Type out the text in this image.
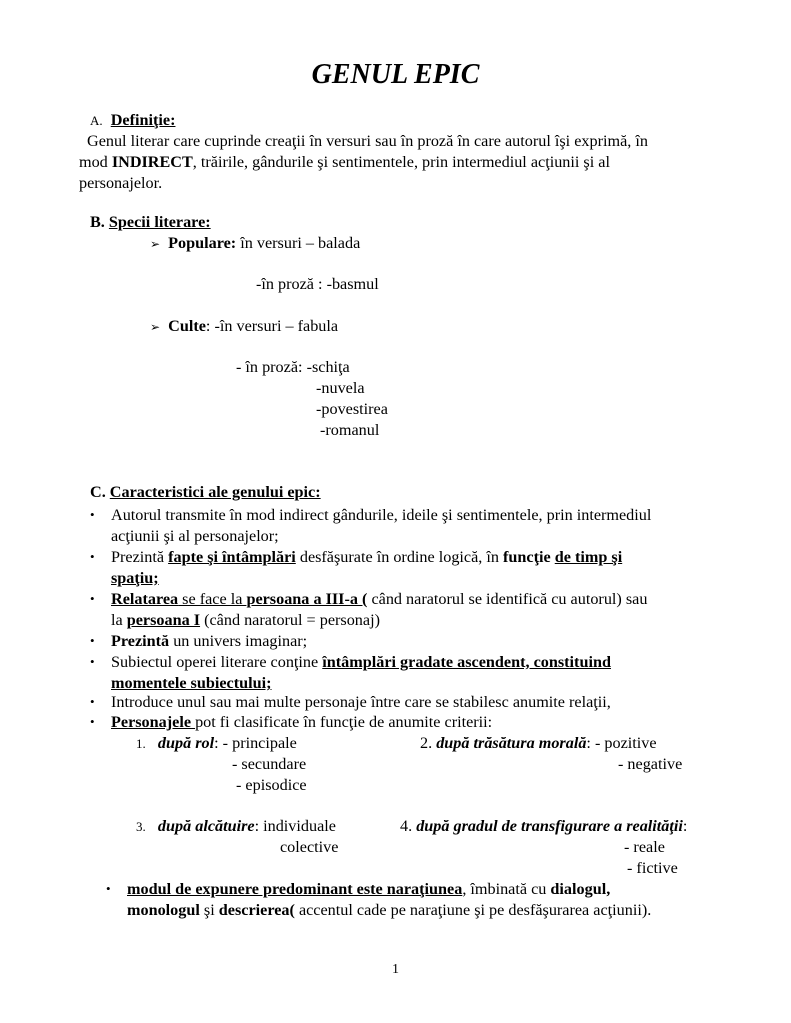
GENUL EPIC
A. Definiţie:
Genul literar care cuprinde creaţii în versuri sau în proză în care autorul îşi exprimă, în
mod INDIRECT, trăirile, gândurile şi sentimentele, prin intermediul acţiunii şi al
personajelor.
B. Specii literare:
➢ Populare: în versuri – balada
-în proză : -basmul
➢ Culte: -în versuri – fabula
- în proză: -schiţa
-nuvela
-povestirea
-romanul
C. Caracteristici ale genului epic:
• Autorul transmite în mod indirect gândurile, ideile şi sentimentele, prin intermediul
acţiunii şi al personajelor;
• Prezintă fapte şi întâmplări desfăşurate în ordine logică, în funcţie de timp şi
spaţiu;
• Relatarea se face la persoana a III-a ( când naratorul se identifică cu autorul) sau
la persoana I (când naratorul = personaj)
• Prezintă un univers imaginar;
• Subiectul operei literare conţine întâmplări gradate ascendent, constituind
momentele subiectului;
• Introduce unul sau mai multe personaje între care se stabilesc anumite relaţii,
• Personajele pot fi clasificate în funcţie de anumite criterii:
1. după rol: - principale
- secundare
- episodice
2. după trăsătura morală: - pozitive
- negative
3. după alcătuire: individuale
colective
4. după gradul de transfigurare a realităţii:
- reale
- fictive
• modul de expunere predominant este naraţiunea, îmbinată cu dialogul,
monologul şi descrierea( accentul cade pe naraţiune şi pe desfăşurarea acţiunii).
1
